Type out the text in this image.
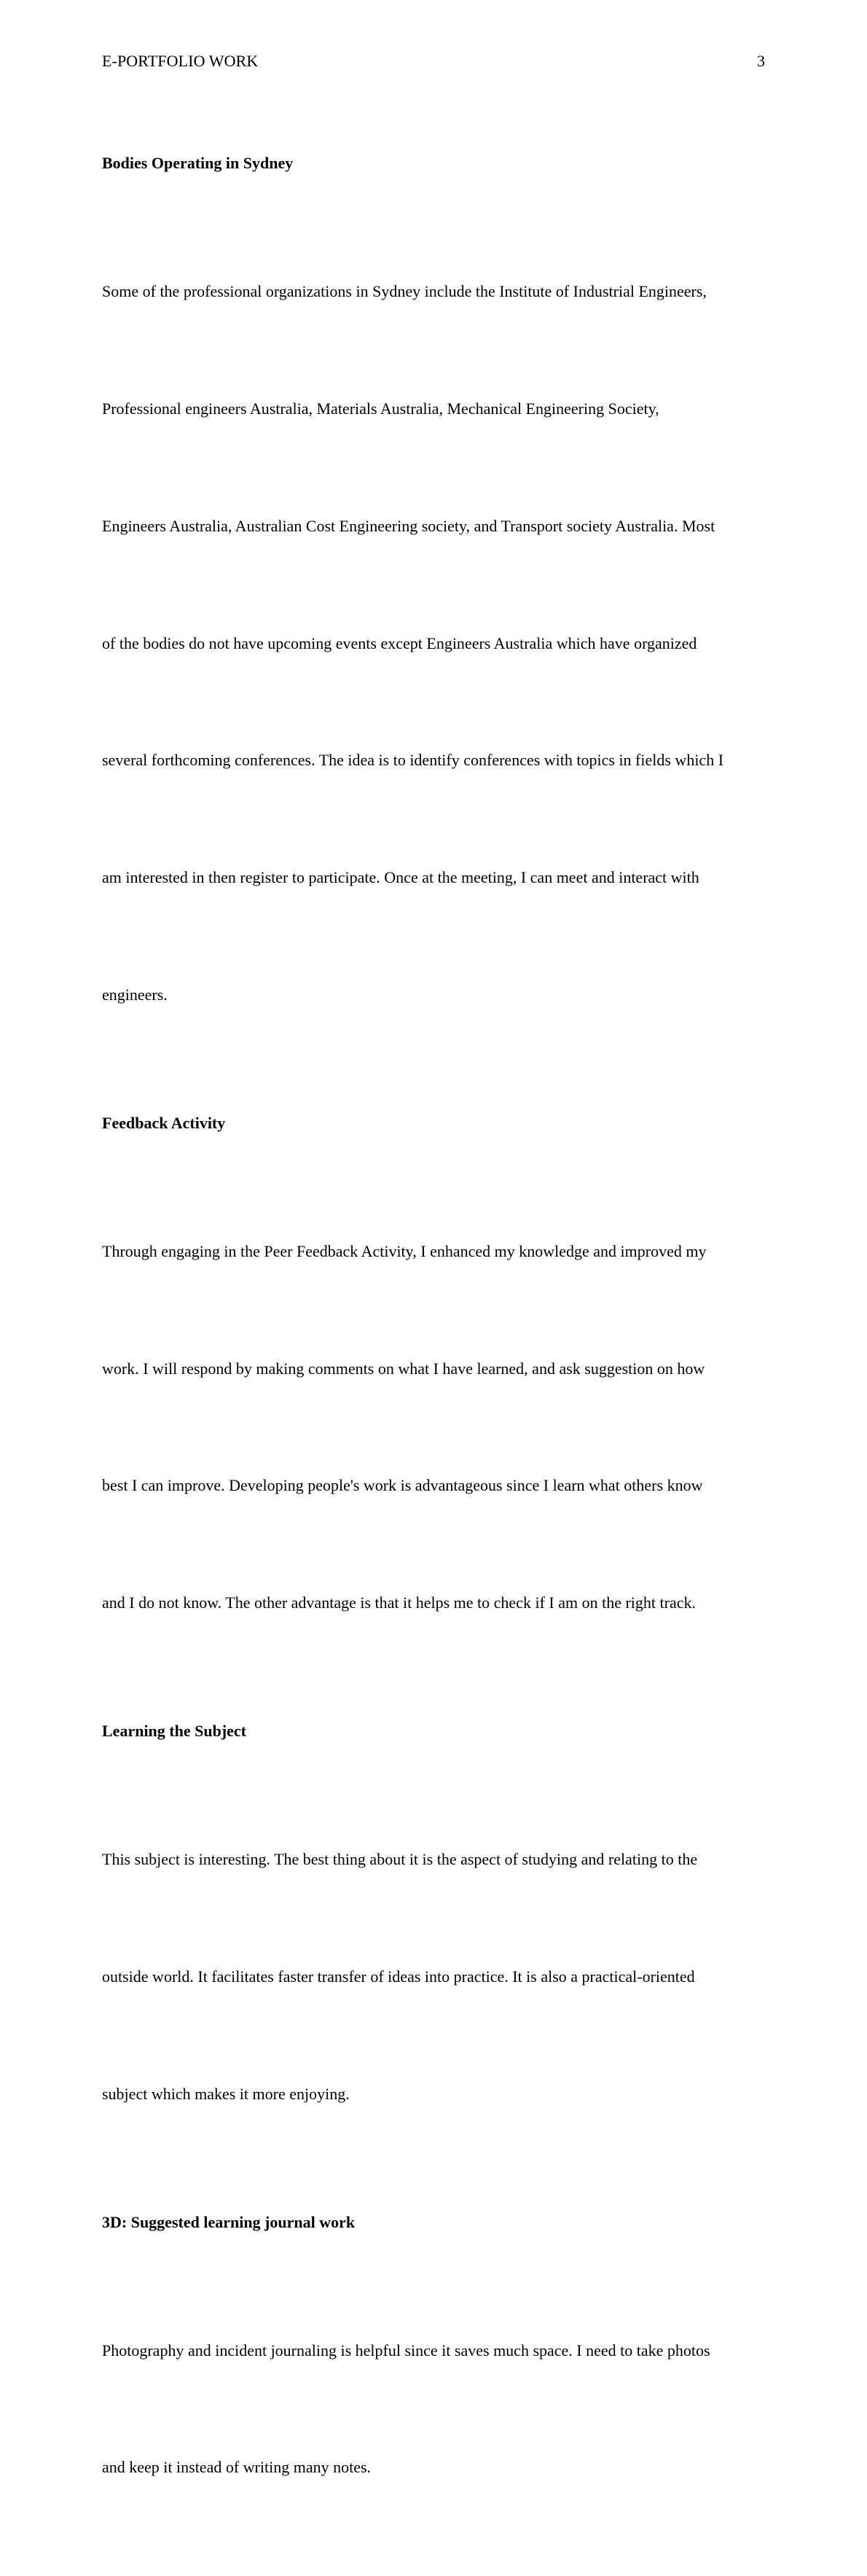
E-PORTFOLIO WORK	3
Bodies Operating in Sydney

Some of the professional organizations in Sydney include the Institute of Industrial Engineers,

Professional engineers Australia, Materials Australia, Mechanical Engineering Society,

Engineers Australia, Australian Cost Engineering society, and Transport society Australia. Most

of the bodies do not have upcoming events except Engineers Australia which have organized

several forthcoming conferences. The idea is to identify conferences with topics in fields which I

am interested in then register to participate. Once at the meeting, I can meet and interact with

engineers.

Feedback Activity

Through engaging in the Peer Feedback Activity, I enhanced my knowledge and improved my

work. I will respond by making comments on what I have learned, and ask suggestion on how

best I can improve. Developing people's work is advantageous since I learn what others know

and I do not know. The other advantage is that it helps me to check if I am on the right track.

Learning the Subject

This subject is interesting. The best thing about it is the aspect of studying and relating to the

outside world. It facilitates faster transfer of ideas into practice. It is also a practical-oriented

subject which makes it more enjoying.

3D: Suggested learning journal work

Photography and incident journaling is helpful since it saves much space. I need to take photos

and keep it instead of writing many notes.
